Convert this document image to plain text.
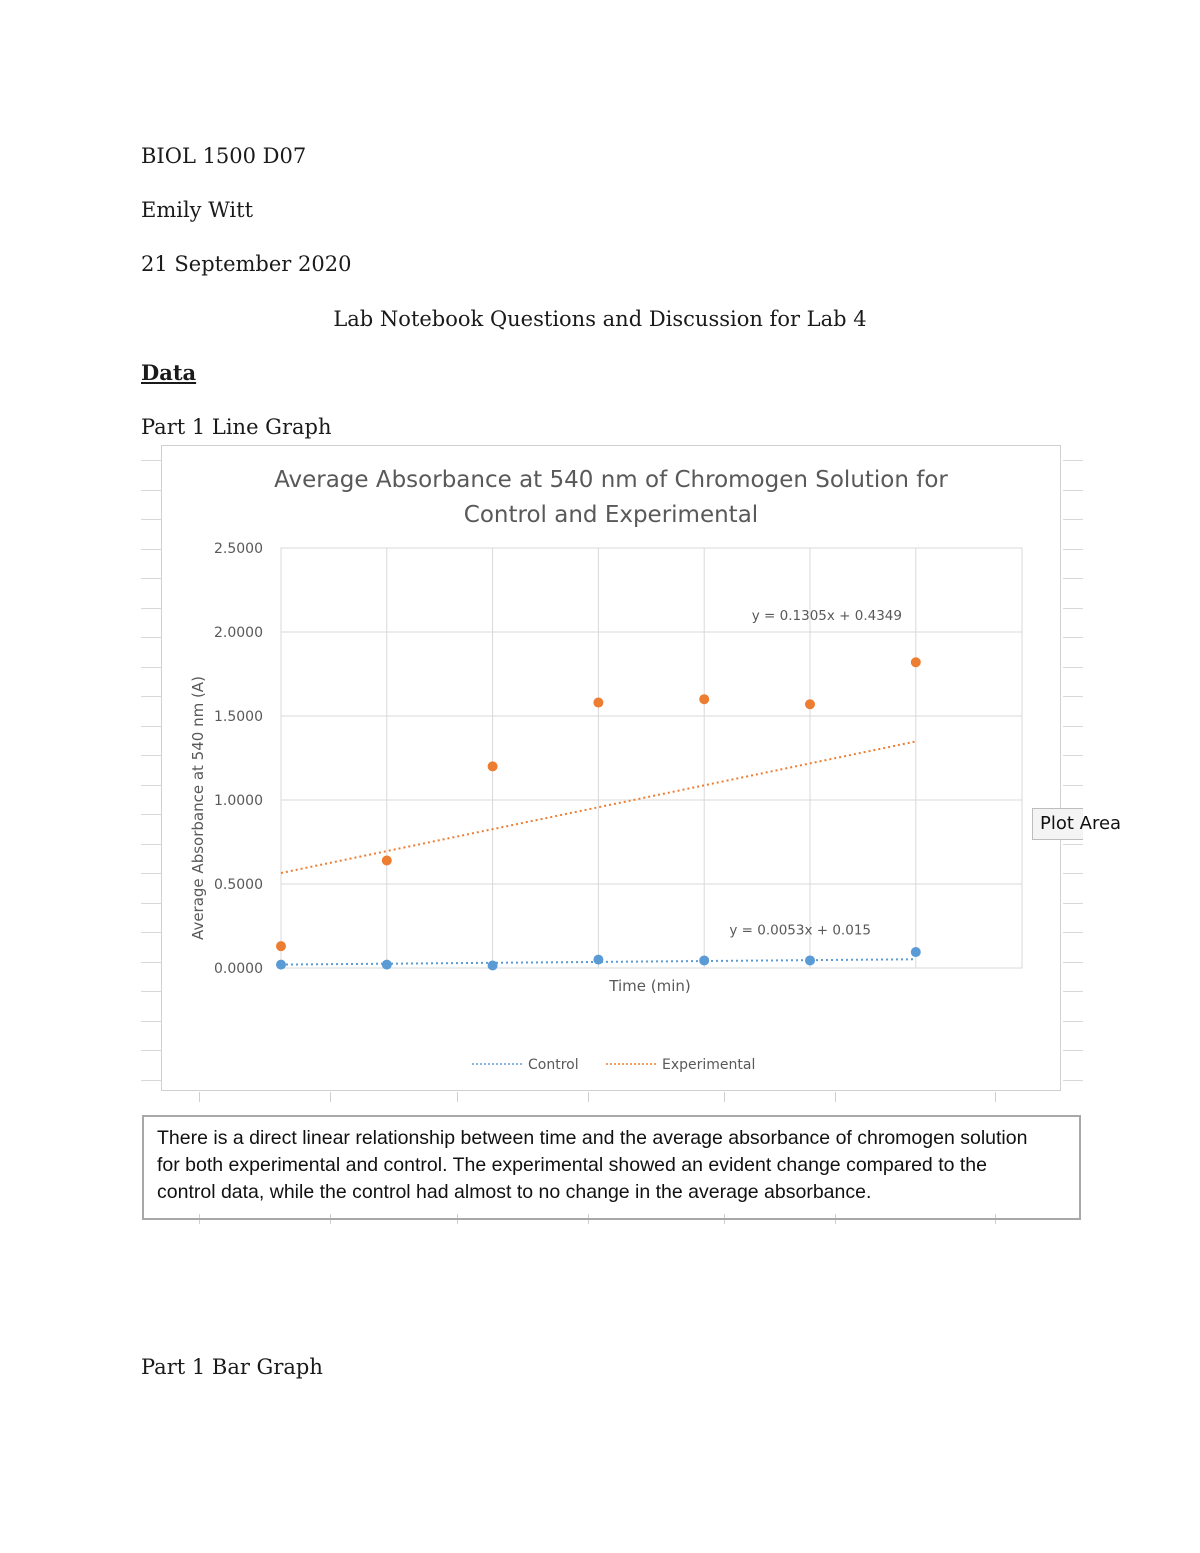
BIOL 1500 D07
Emily Witt
21 September 2020
Lab Notebook Questions and Discussion for Lab 4
Data
Part 1 Line Graph
Average Absorbance at 540 nm of Chromogen Solution for
Control and Experimental
Time (min)
Average Absorbance at 540 nm (A)
0.0000
0.5000
1.0000
1.5000
2.0000
2.5000
y = 0.0053x + 0.015
y = 0.1305x + 0.4349
Control	Experimental
Plot Area
There is a direct linear relationship between time and the average absorbance of chromogen solution
for both experimental and control. The experimental showed an evident change compared to the
control data, while the control had almost to no change in the average absorbance.
Part 1 Bar Graph
